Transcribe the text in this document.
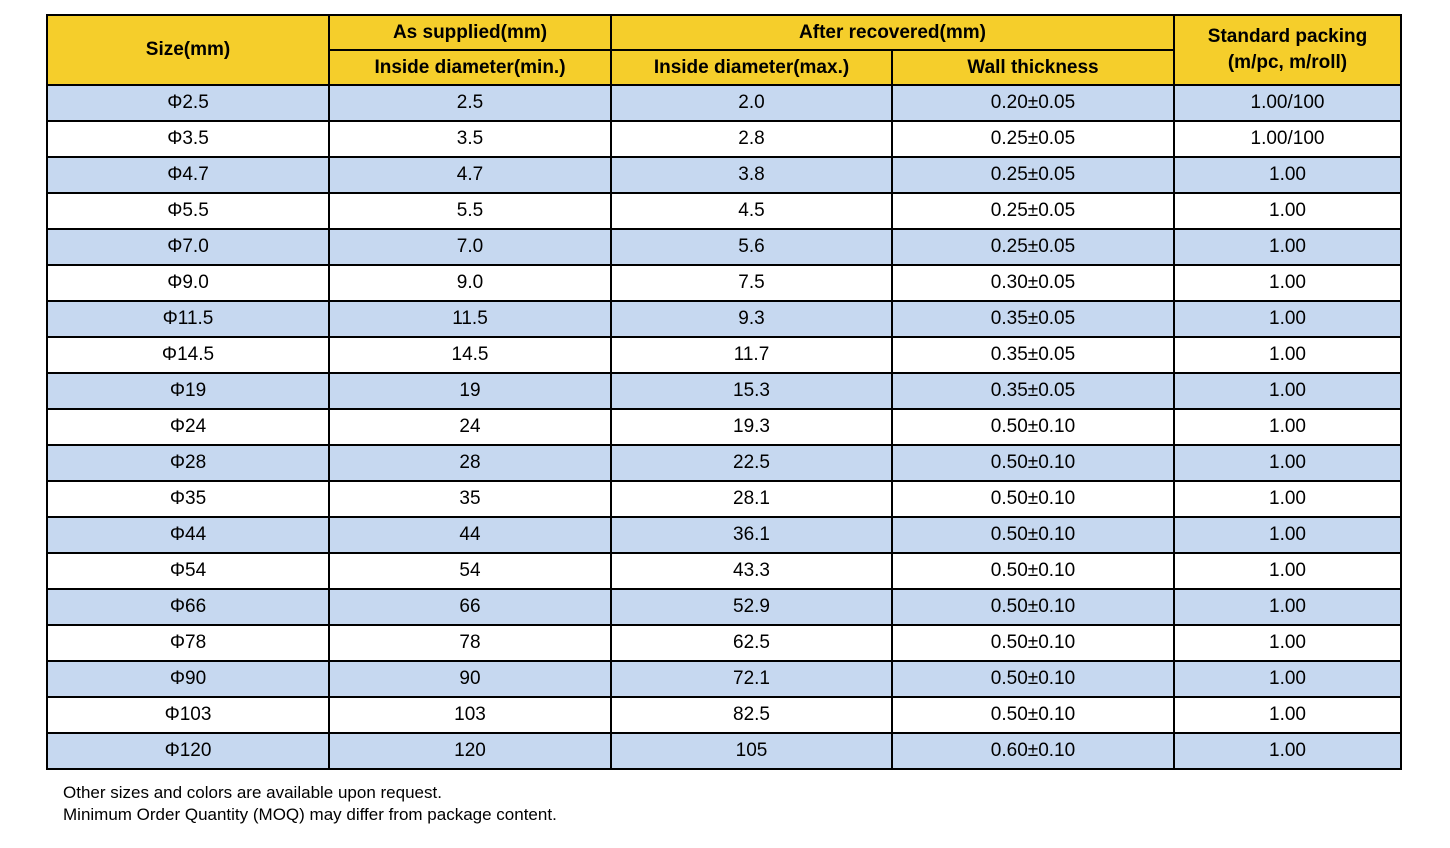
Size(mm)	As supplied(mm)	After recovered(mm)		Standard packing
(m/pc, m/roll)
	Inside diameter(min.)	Inside diameter(max.)	Wall thickness	
Φ2.5	2.5	2.0	0.20±0.05	1.00/100
Φ3.5	3.5	2.8	0.25±0.05	1.00/100
Φ4.7	4.7	3.8	0.25±0.05	1.00
Φ5.5	5.5	4.5	0.25±0.05	1.00
Φ7.0	7.0	5.6	0.25±0.05	1.00
Φ9.0	9.0	7.5	0.30±0.05	1.00
Φ11.5	11.5	9.3	0.35±0.05	1.00
Φ14.5	14.5	11.7	0.35±0.05	1.00
Φ19	19	15.3	0.35±0.05	1.00
Φ24	24	19.3	0.50±0.10	1.00
Φ28	28	22.5	0.50±0.10	1.00
Φ35	35	28.1	0.50±0.10	1.00
Φ44	44	36.1	0.50±0.10	1.00
Φ54	54	43.3	0.50±0.10	1.00
Φ66	66	52.9	0.50±0.10	1.00
Φ78	78	62.5	0.50±0.10	1.00
Φ90	90	72.1	0.50±0.10	1.00
Φ103	103	82.5	0.50±0.10	1.00
Φ120	120	105	0.60±0.10	1.00
Other sizes and colors are available upon request.
Minimum Order Quantity (MOQ) may differ from package content.
